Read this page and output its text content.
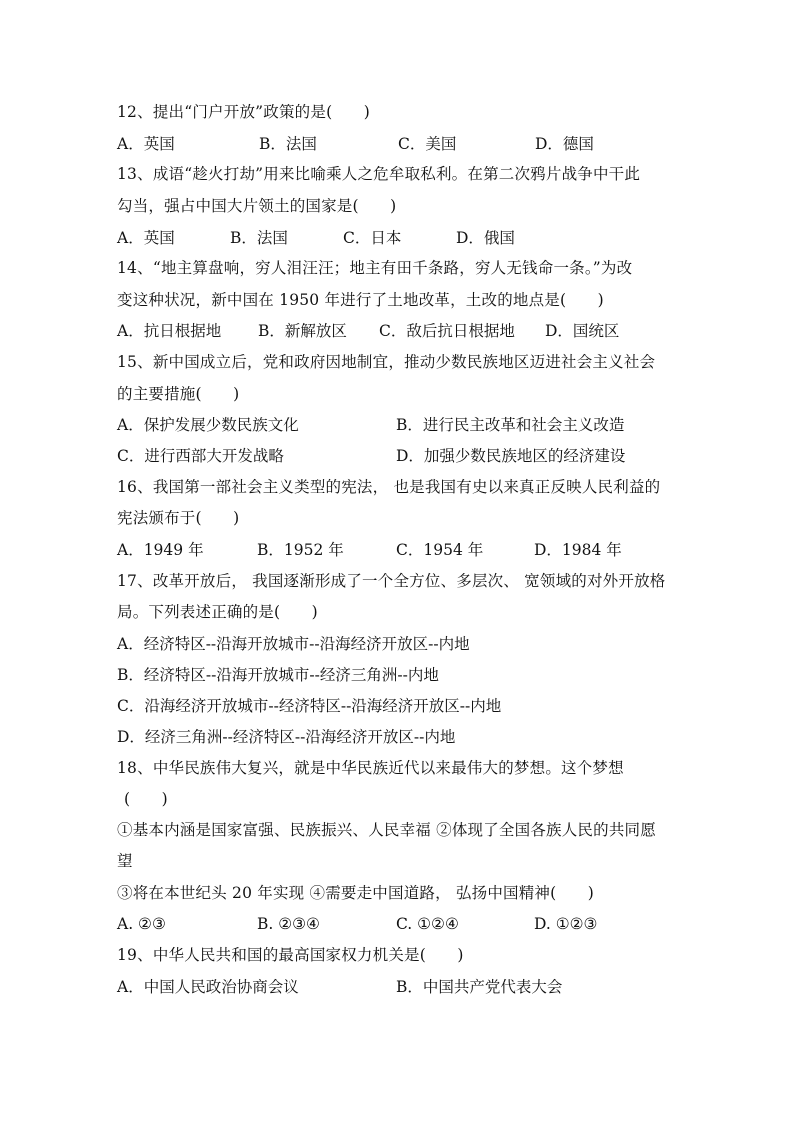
12、提出“门户开放”政策的是(　　)
A．英国	B．法国	C．美国	D．德国
13、成语“趁火打劫”用来比喻乘人之危牟取私利。在第二次鸦片战争中干此
勾当，强占中国大片领土的国家是(　　)
A．英国	B．法国	C．日本	D．俄国
14、“地主算盘响，穷人泪汪汪；地主有田千条路，穷人无钱命一条。”为改
变这种状况，新中国在 1950 年进行了土地改革，土改的地点是(　　)
A．抗日根据地 B．新解放区 C．敌后抗日根据地 D．国统区
15、新中国成立后，党和政府因地制宜，推动少数民族地区迈进社会主义社会
的主要措施(　　)
A．保护发展少数民族文化	B．进行民主改革和社会主义改造
C．进行西部大开发战略	D．加强少数民族地区的经济建设
16、我国第一部社会主义类型的宪法， 也是我国有史以来真正反映人民利益的
宪法颁布于(　　)
A．1949 年	B．1952 年	C．1954 年	D．1984 年
17、改革开放后， 我国逐渐形成了一个全方位、多层次、 宽领域的对外开放格
局。下列表述正确的是(　　)
A．经济特区--沿海开放城市--沿海经济开放区--内地
B．经济特区--沿海开放城市--经济三角洲--内地
C．沿海经济开放城市--经济特区--沿海经济开放区--内地
D．经济三角洲--经济特区--沿海经济开放区--内地
18、中华民族伟大复兴，就是中华民族近代以来最伟大的梦想。这个梦想
(　　)
①基本内涵是国家富强、民族振兴、人民幸福 ②体现了全国各族人民的共同愿
望
③将在本世纪头 20 年实现 ④需要走中国道路， 弘扬中国精神(　　)
A. ②③	B. ②③④	C. ①②④	D. ①②③
19、中华人民共和国的最高国家权力机关是(　　)
A．中国人民政治协商会议	B．中国共产党代表大会
